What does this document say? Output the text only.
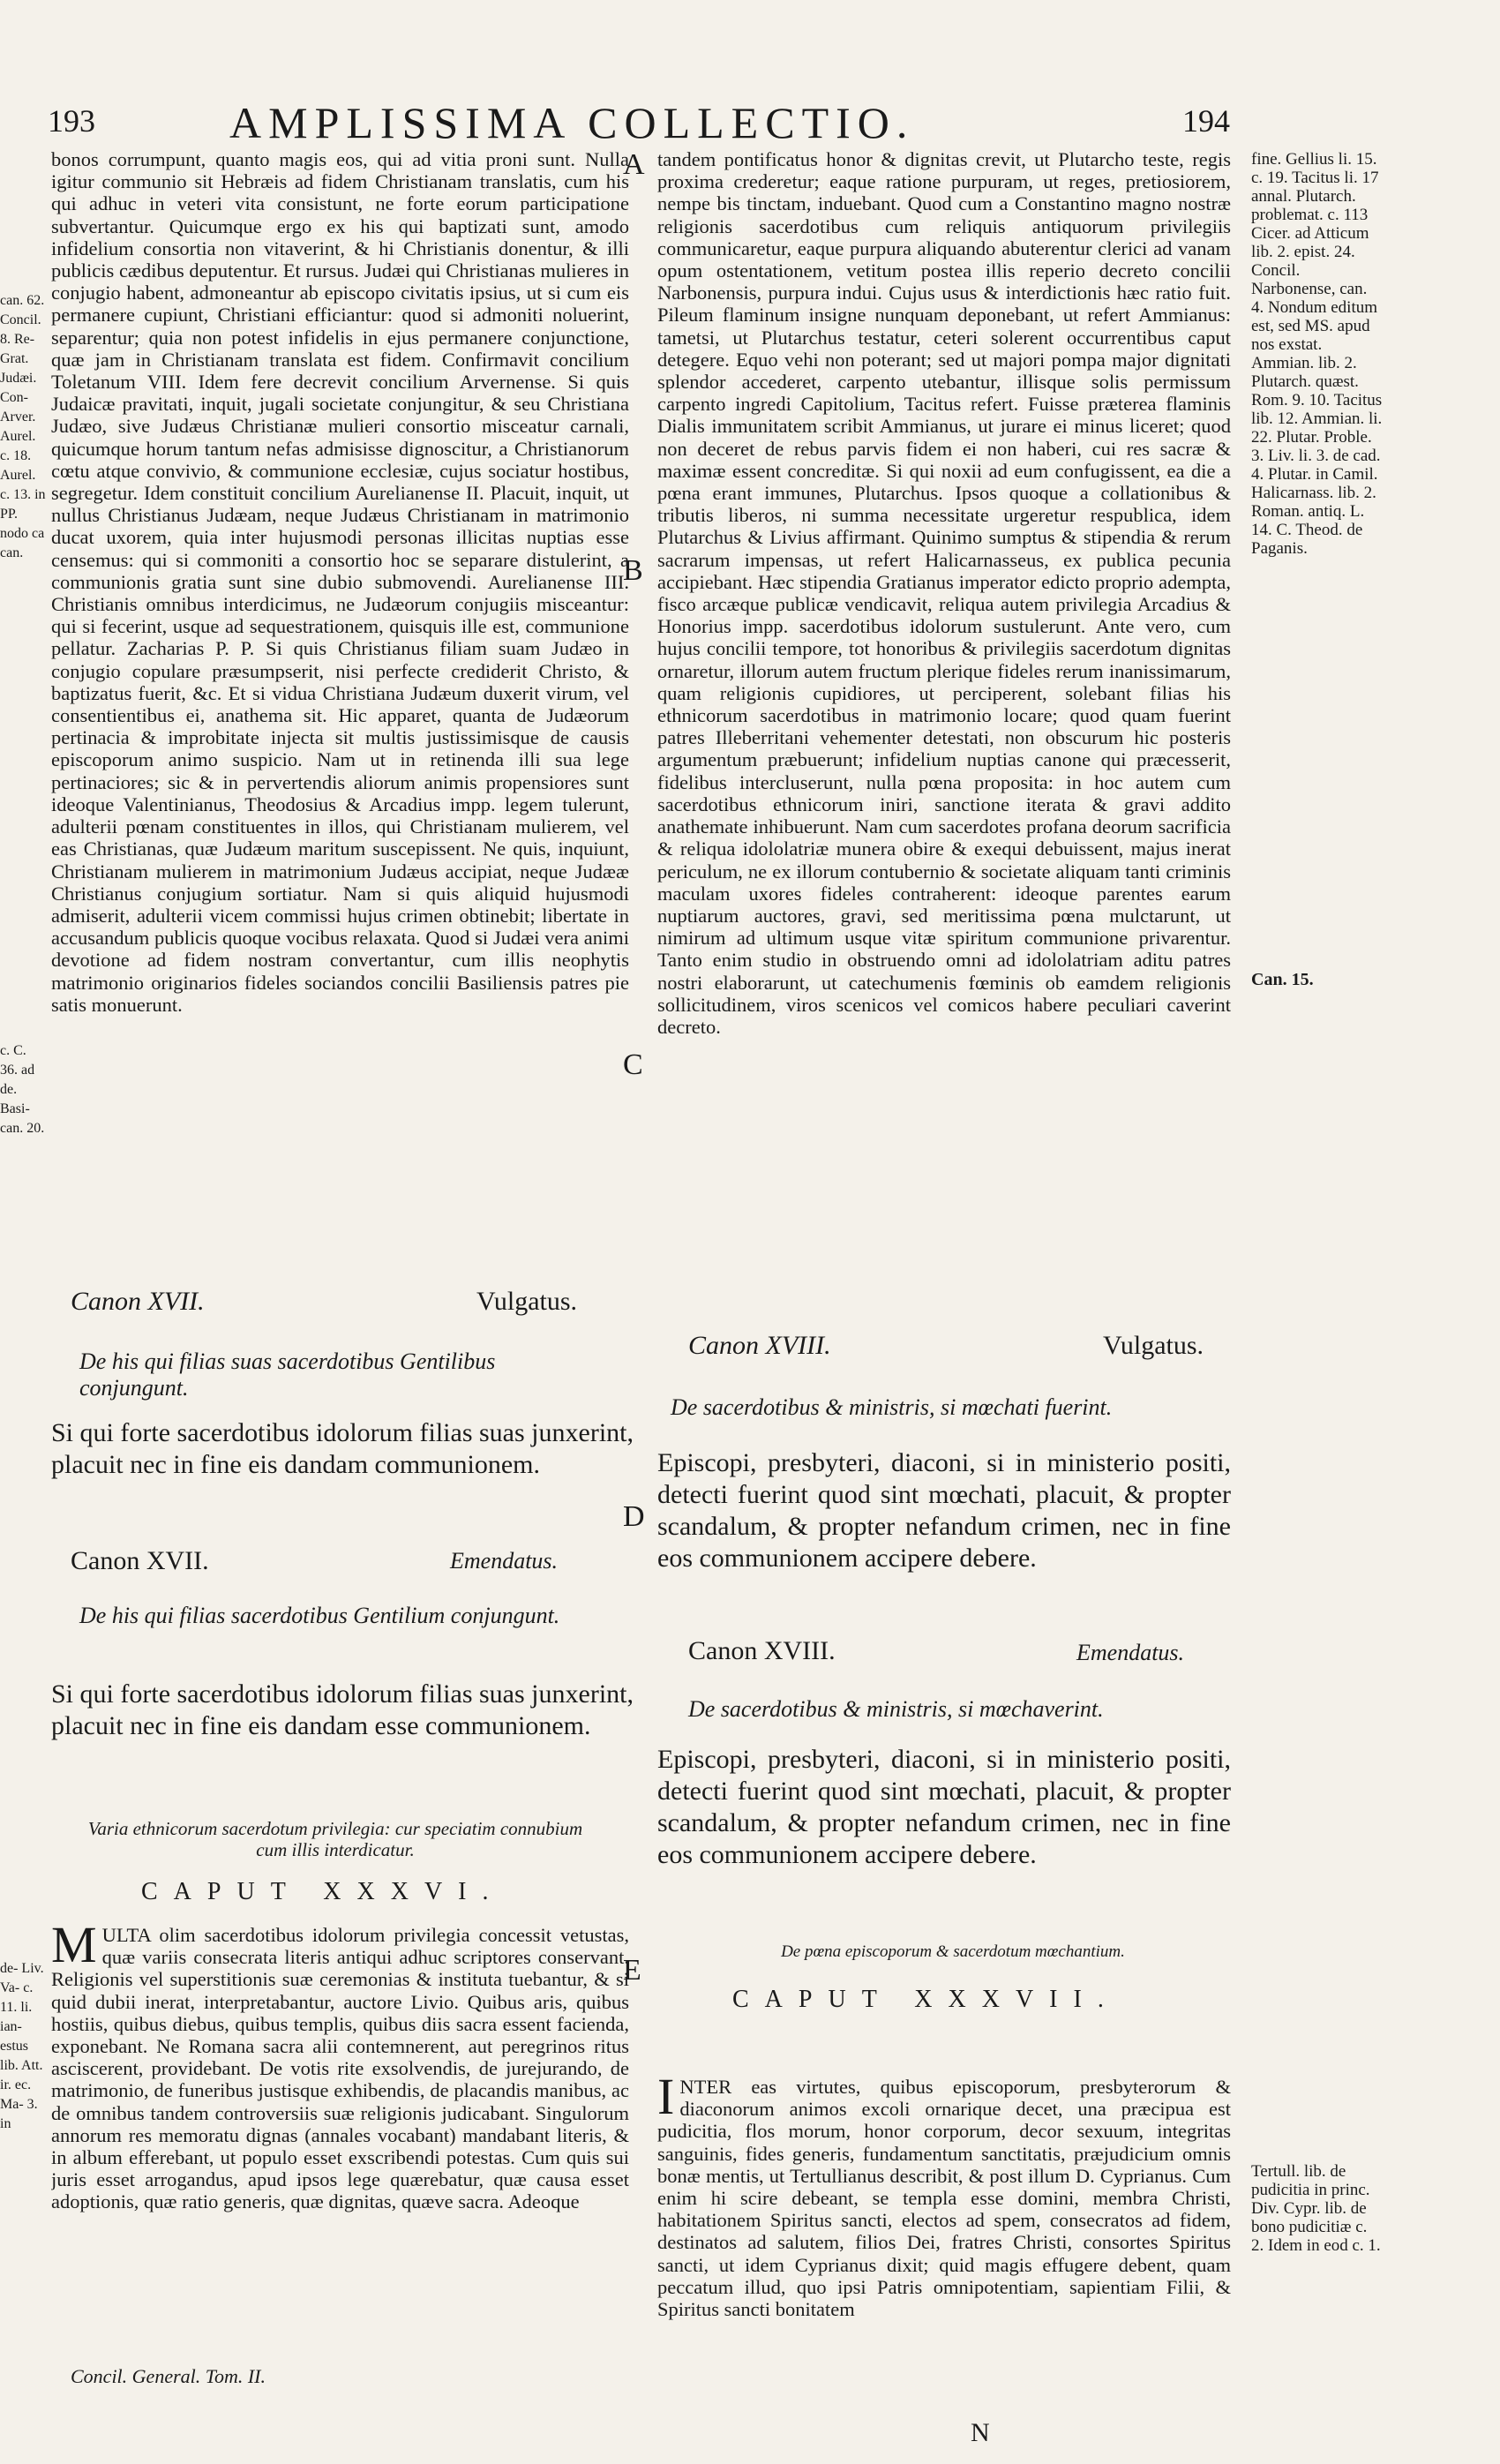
193	AMPLISSIMA COLLECTIO.	194

bonos corrumpunt, quanto magis eos, qui ad vitia proni sunt. Nulla igitur communio sit Hebræis ad fidem Christianam translatis, cum his qui adhuc in veteri vita consistunt, ne forte eorum participatione subvertantur. Quicumque ergo ex his qui baptizati sunt, amodo infidelium consortia non vitaverint, & hi Christianis donentur, & illi publicis cædibus deputentur. Et rursus. Judæi qui Christianas mulieres in conjugio habent, admoneantur ab episcopo civitatis ipsius, ut si cum eis permanere cupiunt, Christiani efficiantur: quod si admoniti noluerint, separentur; quia non potest infidelis in ejus permanere conjunctione, quæ jam in Christianam translata est fidem. Confirmavit concilium Toletanum VIII. Idem fere decrevit concilium Arvernense. Si quis Judaicæ pravitati, inquit, jugali societate conjungitur, & seu Christiana Judæo, sive Judæus Christianæ mulieri consortio misceatur carnali, quicumque horum tantum nefas admisisse dignoscitur, a Christianorum cœtu atque convivio, & communione ecclesiæ, cujus sociatur hostibus, segregetur. Idem constituit concilium Aurelianense II. Placuit, inquit, ut nullus Christianus Judæam, neque Judæus Christianam in matrimonio ducat uxorem, quia inter hujusmodi personas illicitas nuptias esse censemus: qui si commoniti a consortio hoc se separare distulerint, a communionis gratia sunt sine dubio submovendi. Aurelianense III. Christianis omnibus interdicimus, ne Judæorum conjugiis misceantur: qui si fecerint, usque ad sequestrationem, quisquis ille est, communione pellatur. Zacharias P. P. Si quis Christianus filiam suam Judæo in conjugio copulare præsumpserit, nisi perfecte crediderit Christo, & baptizatus fuerit, &c. Et si vidua Christiana Judæum duxerit virum, vel consentientibus ei, anathema sit. Hic apparet, quanta de Judæorum pertinacia & improbitate injecta sit multis justissimisque de causis episcoporum animo suspicio. Nam ut in retinenda illi sua lege pertinaciores; sic & in pervertendis aliorum animis propensiores sunt ideoque Valentinianus, Theodosius & Arcadius impp. legem tulerunt, adulterii pœnam constituentes in illos, qui Christianam mulierem, vel eas Christianas, quæ Judæum maritum suscepissent. Ne quis, inquiunt, Christianam mulierem in matrimonium Judæus accipiat, neque Judææ Christianus conjugium sortiatur. Nam si quis aliquid hujusmodi admiserit, adulterii vicem commissi hujus crimen obtinebit; libertate in accusandum publicis quoque vocibus relaxata. Quod si Judæi vera animi devotione ad fidem nostram convertantur, cum illis neophytis matrimonio originarios fideles sociandos concilii Basiliensis patres pie satis monuerunt.

tandem pontificatus honor & dignitas crevit, ut Plutarcho teste, regis proxima crederetur; eaque ratione purpuram, ut reges, pretiosiorem, nempe bis tinctam, induebant. Quod cum a Constantino magno nostræ religionis sacerdotibus cum reliquis antiquorum privilegiis communicaretur, eaque purpura aliquando abuterentur clerici ad vanam opum ostentationem, vetitum postea illis reperio decreto concilii Narbonensis, purpura indui. Cujus usus & interdictionis hæc ratio fuit. Pileum flaminum insigne nunquam deponebant, ut refert Ammianus: tametsi, ut Plutarchus testatur, ceteri solerent occurrentibus caput detegere. Equo vehi non poterant; sed ut majori pompa major dignitati splendor accederet, carpento utebantur, illisque solis permissum carpento ingredi Capitolium, Tacitus refert. Fuisse præterea flaminis Dialis immunitatem scribit Ammianus, ut jurare ei minus liceret; quod non deceret de rebus parvis fidem ei non haberi, cui res sacræ & maximæ essent concreditæ. Si qui noxii ad eum confugissent, ea die a pœna erant immunes, Plutarchus. Ipsos quoque a collationibus & tributis liberos, ni summa necessitate urgeretur respublica, idem Plutarchus & Livius affirmant. Quinimo sumptus & stipendia & rerum sacrarum impensas, ut refert Halicarnasseus, ex publica pecunia accipiebant. Hæc stipendia Gratianus imperator edicto proprio adempta, fisco arcæque publicæ vendicavit, reliqua autem privilegia Arcadius & Honorius impp. sacerdotibus idolorum sustulerunt. Ante vero, cum hujus concilii tempore, tot honoribus & privilegiis sacerdotum dignitas ornaretur, illorum autem fructum plerique fideles rerum inanissimarum, quam religionis cupidiores, ut perciperent, solebant filias his ethnicorum sacerdotibus in matrimonio locare; quod quam fuerint patres Illeberritani vehementer detestati, non obscurum hic posteris argumentum præbuerunt; infidelium nuptias canone qui præcesserit, fidelibus intercluserunt, nulla pœna proposita: in hoc autem cum sacerdotibus ethnicorum iniri, sanctione iterata & gravi addito anathemate inhibuerunt. Nam cum sacerdotes profana deorum sacrificia & reliqua idololatriæ munera obire & exequi debuissent, majus inerat periculum, ne ex illorum contubernio & societate aliquam tanti criminis maculam uxores fideles contraherent: ideoque parentes earum nuptiarum auctores, gravi, sed meritissima pœna mulctarunt, ut nimirum ad ultimum usque vitæ spiritum communione privarentur. Tanto enim studio in obstruendo omni ad idololatriam aditu patres nostri elaborarunt, ut catechumenis fœminis ob eamdem religionis sollicitudinem, viros scenicos vel comicos habere peculiari caverint decreto.

A
B
C
D
E
Canon XVII.	Vulgatus.
De his qui filias suas sacerdotibus Gentilibus conjungunt.
Si qui forte sacerdotibus idolorum filias suas junxerint, placuit nec in fine eis dandam communionem.
Canon XVII.	Emendatus.
De his qui filias sacerdotibus Gentilium conjungunt.
Si qui forte sacerdotibus idolorum filias suas junxerint, placuit nec in fine eis dandam esse communionem.
Varia ethnicorum sacerdotum privilegia: cur speciatim connubium cum illis interdicatur.
CAPUT XXXVI.
M ULTA olim sacerdotibus idolorum privilegia concessit vetustas, quæ variis consecrata literis antiqui adhuc scriptores conservant. Religionis vel superstitionis suæ ceremonias & instituta tuebantur, & si quid dubii inerat, interpretabantur, auctore Livio. Quibus aris, quibus hostiis, quibus diebus, quibus templis, quibus diis sacra essent facienda, exponebant. Ne Romana sacra alii contemnerent, aut peregrinos ritus asciscerent, providebant. De votis rite exsolvendis, de jurejurando, de matrimonio, de funeribus justisque exhibendis, de placandis manibus, ac de omnibus tandem controversiis suæ religionis judicabant. Singulorum annorum res memoratu dignas (annales vocabant) mandabant literis, & in album efferebant, ut populo esset exscribendi potestas. Cum quis sui juris esset arrogandus, apud ipsos lege quærebatur, quæ causa esset adoptionis, quæ ratio generis, quæ dignitas, quæve sacra. Adeoque
Concil. General. Tom. II.
Canon XVIII.	Vulgatus.
De sacerdotibus & ministris, si mœchati fuerint.
Episcopi, presbyteri, diaconi, si in ministerio positi, detecti fuerint quod sint mœchati, placuit, & propter scandalum, & propter nefandum crimen, nec in fine eos communionem accipere debere.
Canon XVIII.	Emendatus.
De sacerdotibus & ministris, si mœchaverint.
Episcopi, presbyteri, diaconi, si in ministerio positi, detecti fuerint quod sint mœchati, placuit, & propter scandalum, & propter nefandum crimen, nec in fine eos communionem accipere debere.
De pœna episcoporum & sacerdotum mœchantium.
CAPUT XXXVII.
I NTER eas virtutes, quibus episcoporum, presbyterorum & diaconorum animos excoli ornarique decet, una præcipua est pudicitia, flos morum, honor corporum, decor sexuum, integritas sanguinis, fides generis, fundamentum sanctitatis, præjudicium omnis bonæ mentis, ut Tertullianus describit, & post illum D. Cyprianus. Cum enim hi scire debeant, se templa esse domini, membra Christi, habitationem Spiritus sancti, electos ad spem, consecratos ad fidem, destinatos ad salutem, filios Dei, fratres Christi, consortes Spiritus sancti, ut idem Cyprianus dixit; quid magis effugere debent, quam peccatum illud, quo ipsi Patris omnipotentiam, sapientiam Filii, & Spiritus sancti bonitatem
N
fine. Gellius li. 15. c. 19. Tacitus li. 17 annal. Plutarch. problemat. c. 113 Cicer. ad Atticum lib. 2. epist. 24. Concil. Narbonense, can. 4. Nondum editum est, sed MS. apud nos exstat. Ammian. lib. 2. Plutarch. quæst. Rom. 9. 10. Tacitus lib. 12. Ammian. li. 22. Plutar. Proble. 3. Liv. li. 3. de cad. 4. Plutar. in Camil. Halicarnass. lib. 2. Roman. antiq. L. 14. C. Theod. de Paganis.
Can. 15.
Tertull. lib. de pudicitia in princ. Div. Cypr. lib. de bono pudicitiæ c. 2. Idem in eod c. 1.
can. 62. Concil. 8. Re- Grat. Judæi. Con- Arver. Aurel. c. 18. Aurel. c. 13. in PP. nodo ca can.
c. C. 36. ad de. Basi- can. 20.
de- Liv. Va- c. 11. li. ian- estus lib. Att. ir. ec. Ma- 3. in
